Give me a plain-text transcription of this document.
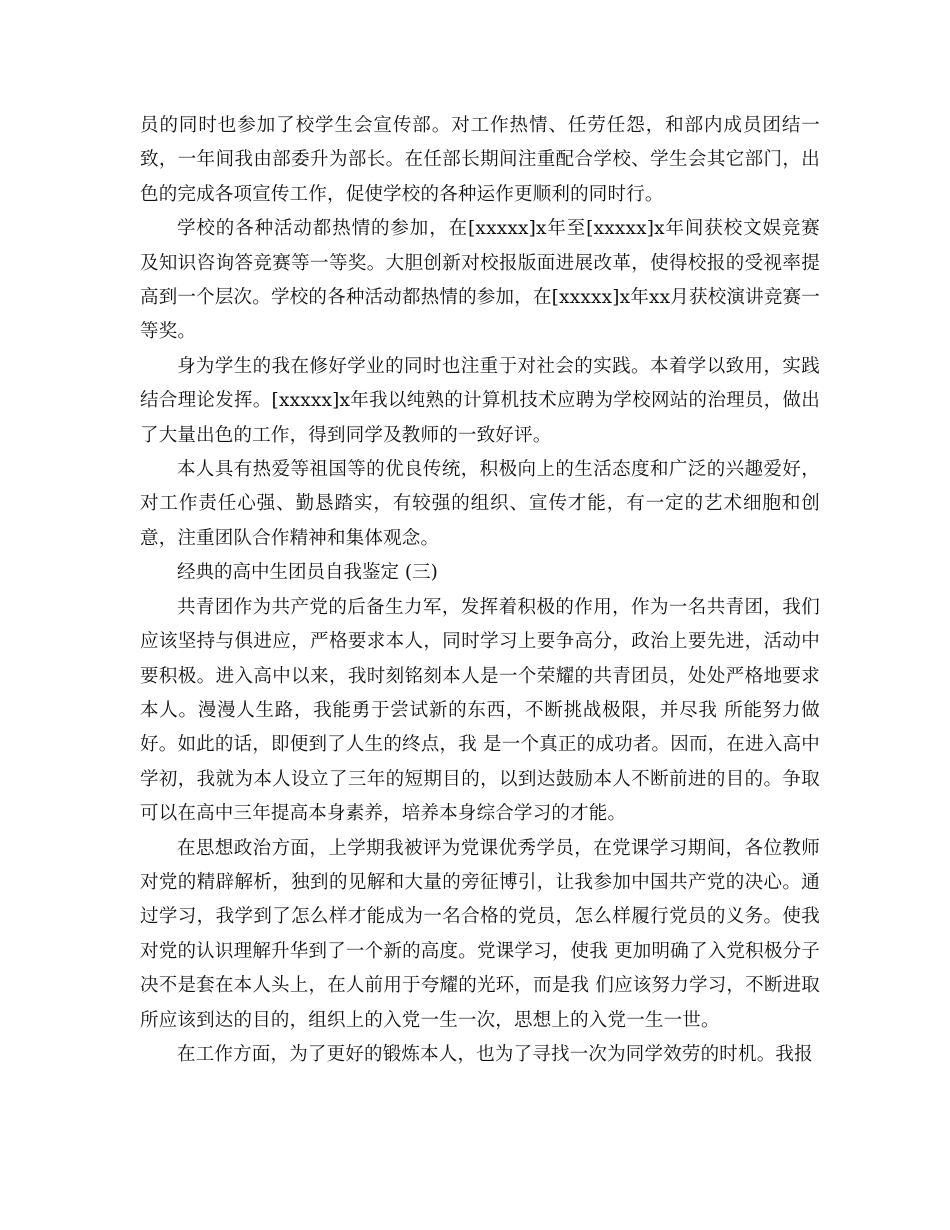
员的同时也参加了校学生会宣传部。对工作热情、任劳任怨，和部内成员团结一致，一年间我由部委升为部长。在任部长期间注重配合学校、学生会其它部门，出色的完成各项宣传工作，促使学校的各种运作更顺利的同时行。

学校的各种活动都热情的参加，在[xxxxx]x年至[xxxxx]x年间获校文娱竞赛及知识咨询答竞赛等一等奖。大胆创新对校报版面进展改革，使得校报的受视率提高到一个层次。学校的各种活动都热情的参加，在[xxxxx]x年xx月获校演讲竞赛一等奖。

身为学生的我在修好学业的同时也注重于对社会的实践。本着学以致用，实践结合理论发挥。[xxxxx]x年我以纯熟的计算机技术应聘为学校网站的治理员，做出了大量出色的工作，得到同学及教师的一致好评。

本人具有热爱等祖国等的优良传统，积极向上的生活态度和广泛的兴趣爱好，对工作责任心强、勤恳踏实，有较强的组织、宣传才能，有一定的艺术细胞和创意，注重团队合作精神和集体观念。

经典的高中生团员自我鉴定 (三)

共青团作为共产党的后备生力军，发挥着积极的作用，作为一名共青团，我们应该坚持与俱进应，严格要求本人，同时学习上要争高分，政治上要先进，活动中要积极。进入高中以来，我时刻铭刻本人是一个荣耀的共青团员，处处严格地要求本人。漫漫人生路，我能勇于尝试新的东西，不断挑战极限，并尽我 所能努力做好。如此的话，即便到了人生的终点，我 是一个真正的成功者。因而，在进入高中学初，我就为本人设立了三年的短期目的，以到达鼓励本人不断前进的目的。争取可以在高中三年提高本身素养，培养本身综合学习的才能。

在思想政治方面，上学期我被评为党课优秀学员，在党课学习期间，各位教师对党的精辟解析，独到的见解和大量的旁征博引，让我参加中国共产党的决心。通过学习，我学到了怎么样才能成为一名合格的党员，怎么样履行党员的义务。使我对党的认识理解升华到了一个新的高度。党课学习，使我 更加明确了入党积极分子决不是套在本人头上，在人前用于夸耀的光环，而是我 们应该努力学习，不断进取所应该到达的目的，组织上的入党一生一次，思想上的入党一生一世。

在工作方面，为了更好的锻炼本人，也为了寻找一次为同学效劳的时机。我报
